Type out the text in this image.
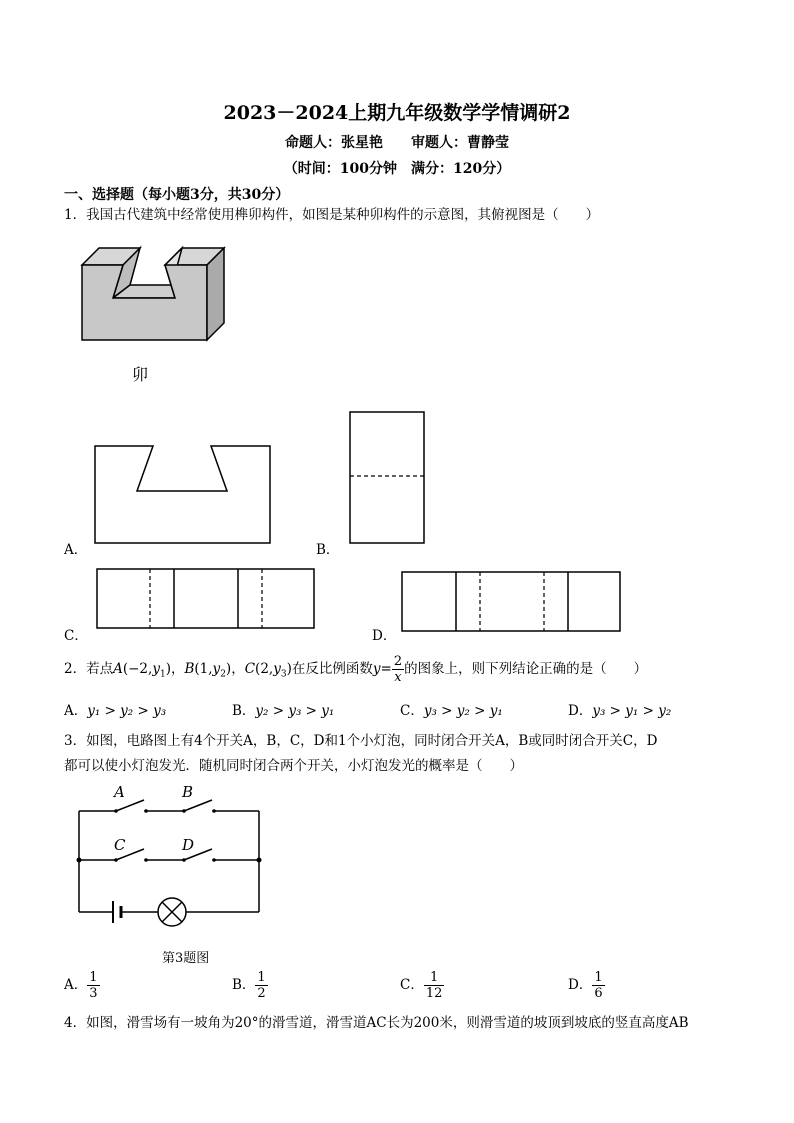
2023－2024上期九年级数学学情调研2
命题人：张星艳　　审题人：曹静莹
（时间：100分钟　满分：120分）
一、选择题（每小题3分，共30分）
1．我国古代建筑中经常使用榫卯构件，如图是某种卯构件的示意图，其俯视图是（　　）
卯
A．	B．
C．	D．
2．若点$A(-2,y_1)$，$B(1,y_2)$，$C(2,y_3)$在反比例函数$y= \frac{2}{x}$ 的图象上，则下列结论正确的是（　　）
A．y₁ > y₂ > y₃	B．y₂ > y₃ > y₁	C．y₃ > y₂ > y₁	D．y₃ > y₁ > y₂
3．如图，电路图上有4个开关A，B，C，D和1个小灯泡，同时闭合开关A，B或同时闭合开关C，D
都可以使小灯泡发光．随机同时闭合两个开关，小灯泡发光的概率是（　　）
A	B
C	D
第3题图
A． $\frac{1}{3}$	B． $\frac{1}{2}$	C． $\frac{1}{12}$	D． $\frac{1}{6}$
4．如图，滑雪场有一坡角为20°的滑雪道，滑雪道AC长为200米，则滑雪道的坡顶到坡底的竖直高度AB
